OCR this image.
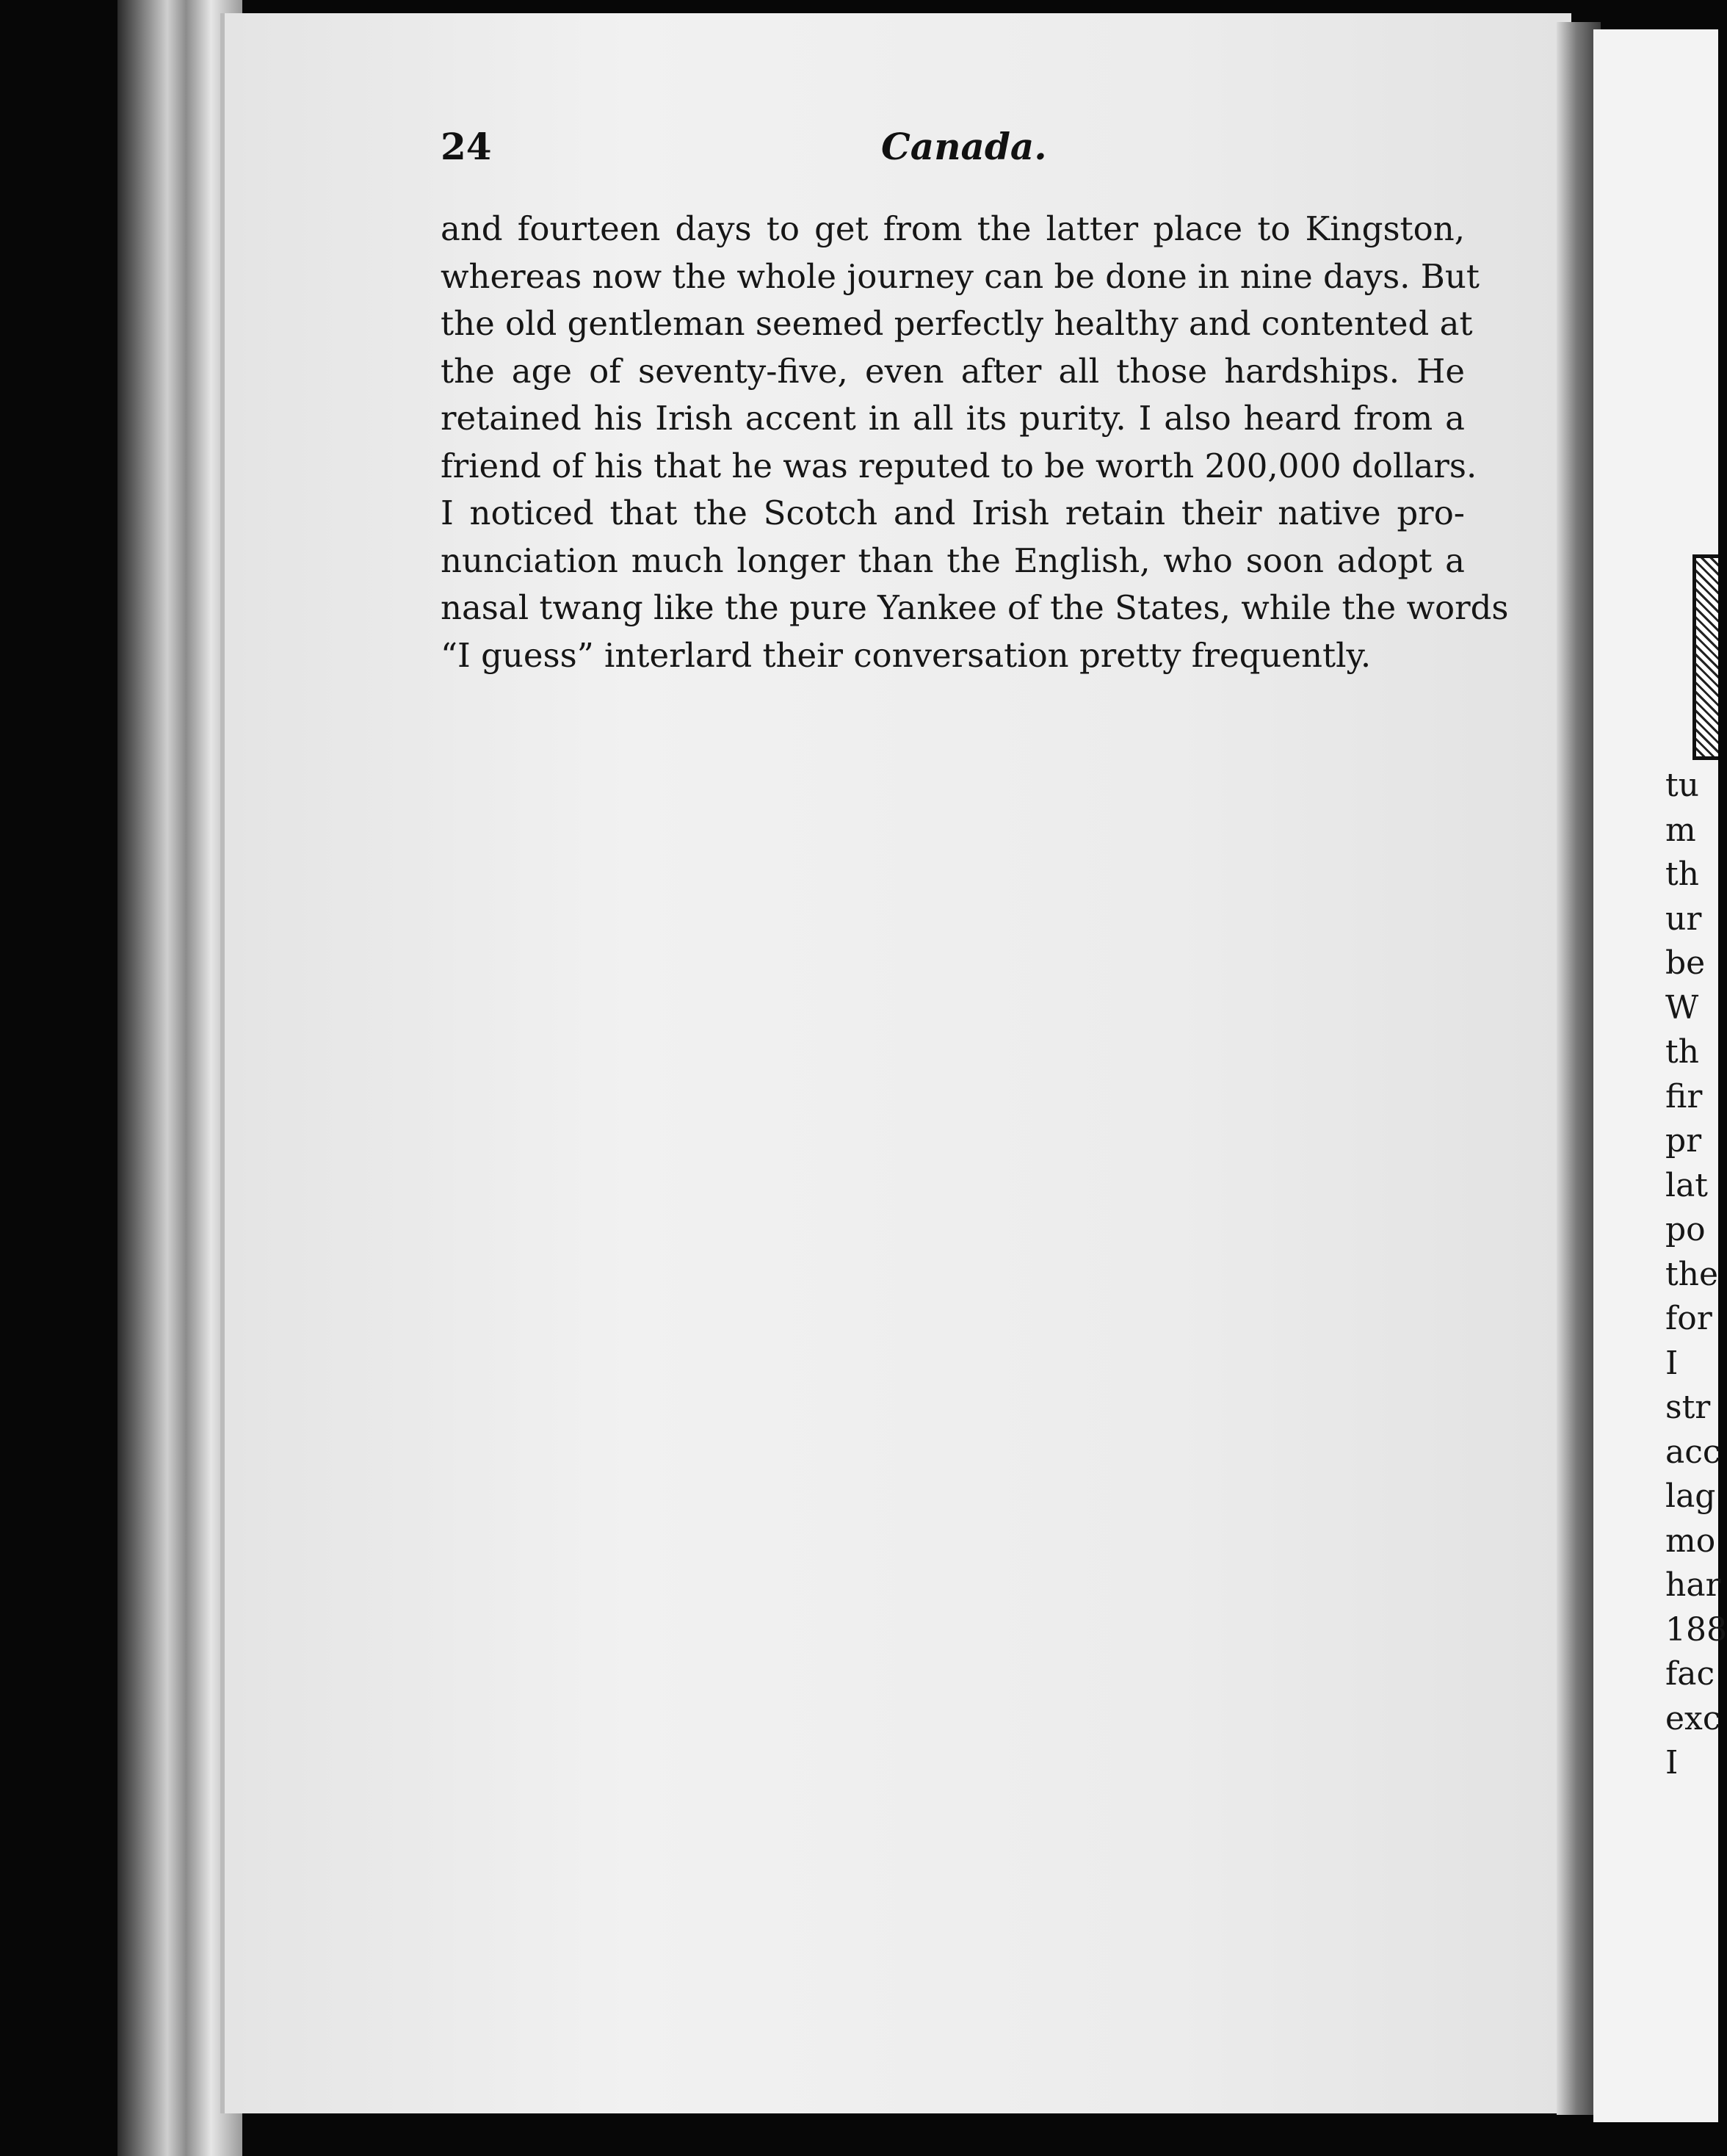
24	Canada.
and fourteen days to get from the latter place to Kingston,
whereas now the whole journey can be done in nine days. But
the old gentleman seemed perfectly healthy and contented at
the age of seventy-five, even after all those hardships. He
retained his Irish accent in all its purity. I also heard from a
friend of his that he was reputed to be worth 200,000 dollars.
I noticed that the Scotch and Irish retain their native pro-
nunciation much longer than the English, who soon adopt a
nasal twang like the pure Yankee of the States, while the words
“I guess” interlard their conversation pretty frequently.
tu
m
th
ur
be
W
th
fir
pr
lat
po
the
for
I
str
acc
lag
mo
har
188
fac
exc
I
